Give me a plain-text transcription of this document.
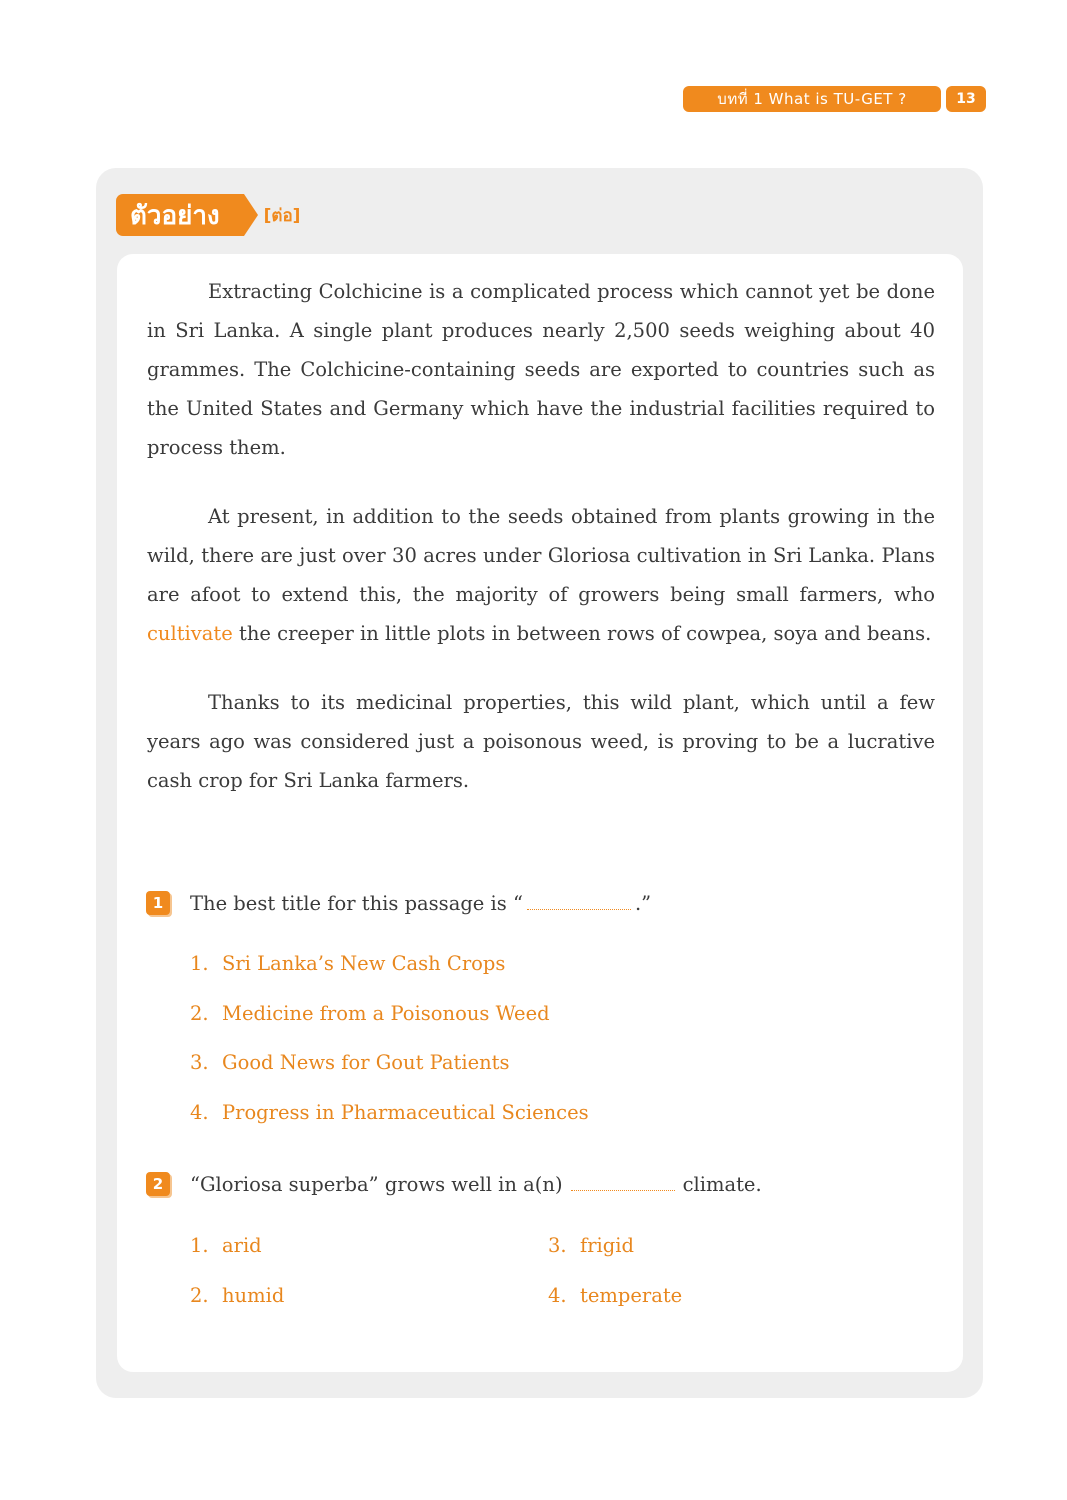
บทที่ 1 What is TU-GET ?	13
ตัวอย่าง	[ต่อ]

Extracting Colchicine is a complicated process which cannot yet be done in Sri Lanka. A single plant produces nearly 2,500 seeds weighing about 40 grammes. The Colchicine-containing seeds are exported to countries such as the United States and Germany which have the industrial facilities required to process them.

At present, in addition to the seeds obtained from plants growing in the wild, there are just over 30 acres under Gloriosa cultivation in Sri Lanka. Plans are afoot to extend this, the majority of growers being small farmers, who cultivate the creeper in little plots in between rows of cowpea, soya and beans.

Thanks to its medicinal properties, this wild plant, which until a few years ago was considered just a poisonous weed, is proving to be a lucrative cash crop for Sri Lanka farmers.

1	The best title for this passage is “	.”
1. Sri Lanka’s New Cash Crops
2. Medicine from a Poisonous Weed
3. Good News for Gout Patients
4. Progress in Pharmaceutical Sciences
2	“Gloriosa superba” grows well in a(n)	climate.
1. arid
2. humid
3. frigid
4. temperate
